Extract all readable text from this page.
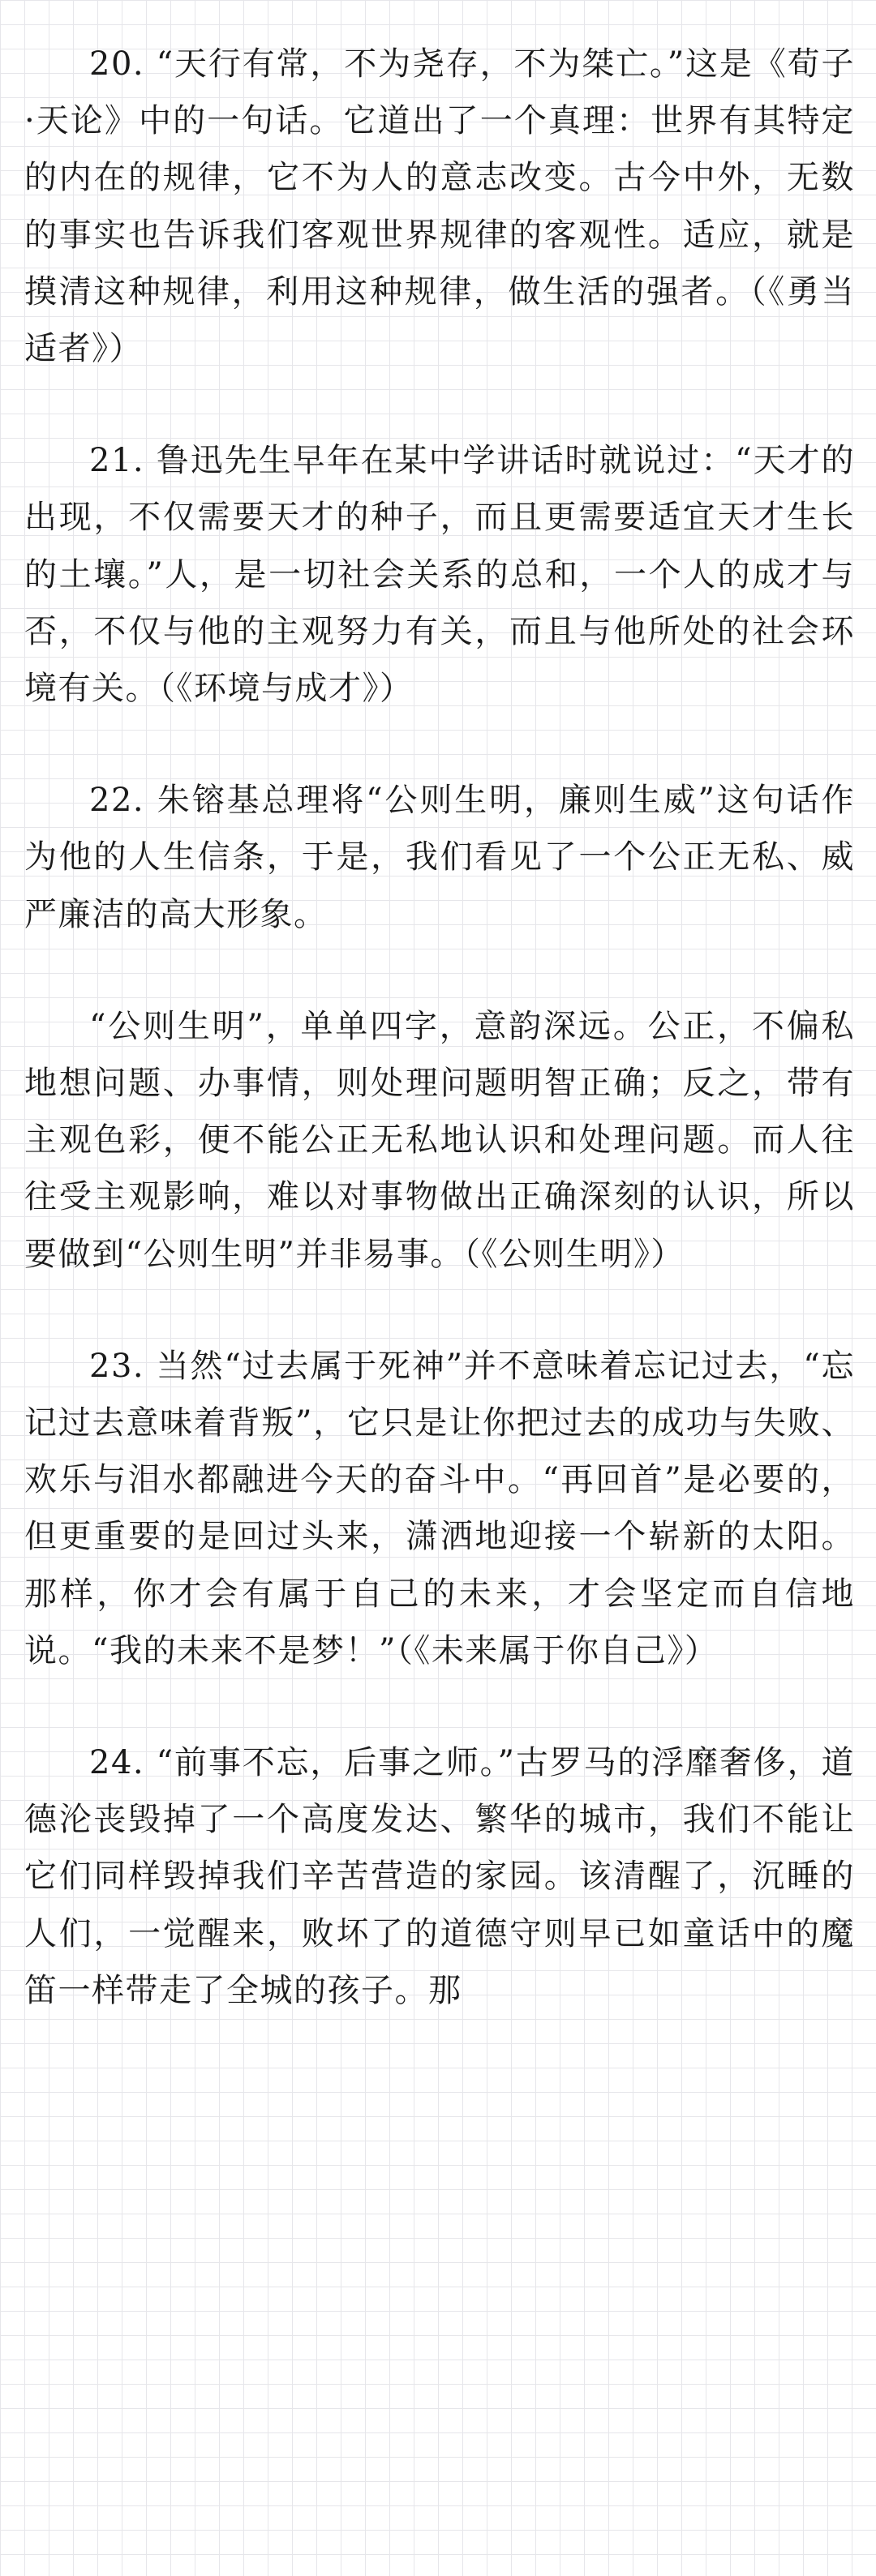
20. “天行有常，不为尧存，不为桀亡。”这是《荀子·天论》中的一句话。它道出了一个真理：世界有其特定的内在的规律，它不为人的意志改变。古今中外，无数的事实也告诉我们客观世界规律的客观性。适应，就是摸清这种规律，利用这种规律，做生活的强者。（《勇当适者》）

21. 鲁迅先生早年在某中学讲话时就说过：“天才的出现，不仅需要天才的种子，而且更需要适宜天才生长的土壤。”人，是一切社会关系的总和，一个人的成才与否，不仅与他的主观努力有关，而且与他所处的社会环境有关。（《环境与成才》）

22. 朱镕基总理将“公则生明，廉则生威”这句话作为他的人生信条，于是，我们看见了一个公正无私、威严廉洁的高大形象。

“公则生明”，单单四字，意韵深远。公正，不偏私地想问题、办事情，则处理问题明智正确；反之，带有主观色彩，便不能公正无私地认识和处理问题。而人往往受主观影响，难以对事物做出正确深刻的认识，所以要做到“公则生明”并非易事。（《公则生明》）

23. 当然“过去属于死神”并不意味着忘记过去，“忘记过去意味着背叛”，它只是让你把过去的成功与失败、欢乐与泪水都融进今天的奋斗中。“再回首”是必要的，但更重要的是回过头来，潇洒地迎接一个崭新的太阳。那样，你才会有属于自己的未来，才会坚定而自信地说。“我的未来不是梦！”（《未来属于你自己》）

24. “前事不忘，后事之师。”古罗马的浮靡奢侈，道德沦丧毁掉了一个高度发达、繁华的城市，我们不能让它们同样毁掉我们辛苦营造的家园。该清醒了，沉睡的人们，一觉醒来，败坏了的道德守则早已如童话中的魔笛一样带走了全城的孩子。那
